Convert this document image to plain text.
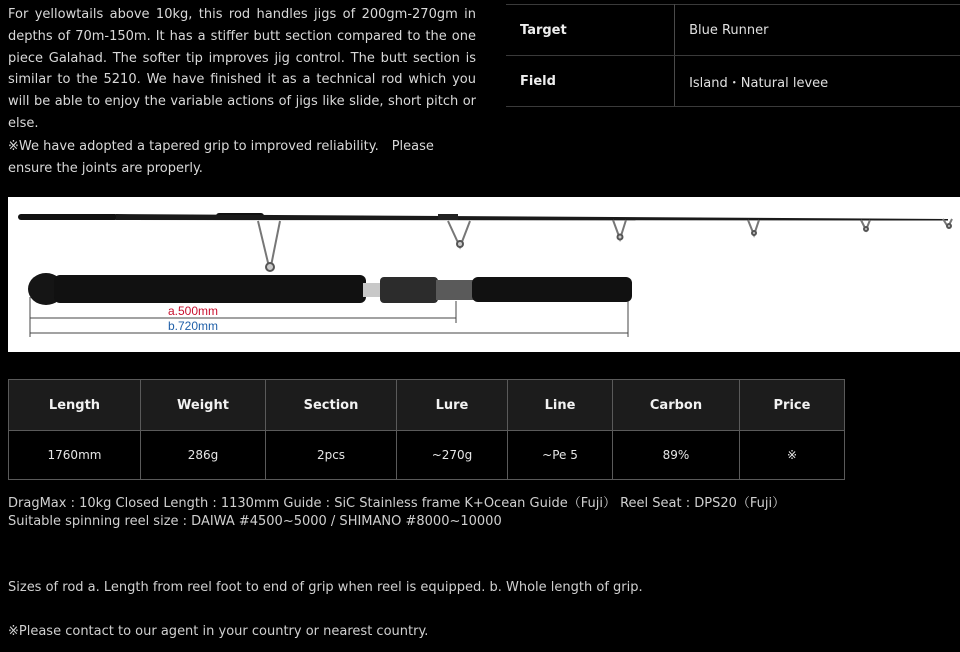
For yellowtails above 10kg, this rod handles jigs of 200gm-270gm in depths of 70m-150m. It has a stiffer butt section compared to the one piece Galahad. The softer tip improves jig control. The butt section is similar to the 5210. We have finished it as a technical rod which you will be able to enjoy the variable actions of jigs like slide, short pitch or else.

※We have adopted a tapered grip to improved reliability.　Please ensure the joints are properly.

Target	Blue Runner
Field	Island・Natural levee
a.500mm
b.720mm
Length	Weight	Section	Lure	Line	Carbon	Price
1760mm	286g	2pcs	~270g	~Pe 5	89%	※
DragMax : 10kg Closed Length : 1130mm Guide : SiC Stainless frame K+Ocean Guide（Fuji） Reel Seat : DPS20（Fuji）
Suitable spinning reel size : DAIWA #4500~5000 / SHIMANO #8000~10000
Sizes of rod a. Length from reel foot to end of grip when reel is equipped. b. Whole length of grip.
※Please contact to our agent in your country or nearest country.
